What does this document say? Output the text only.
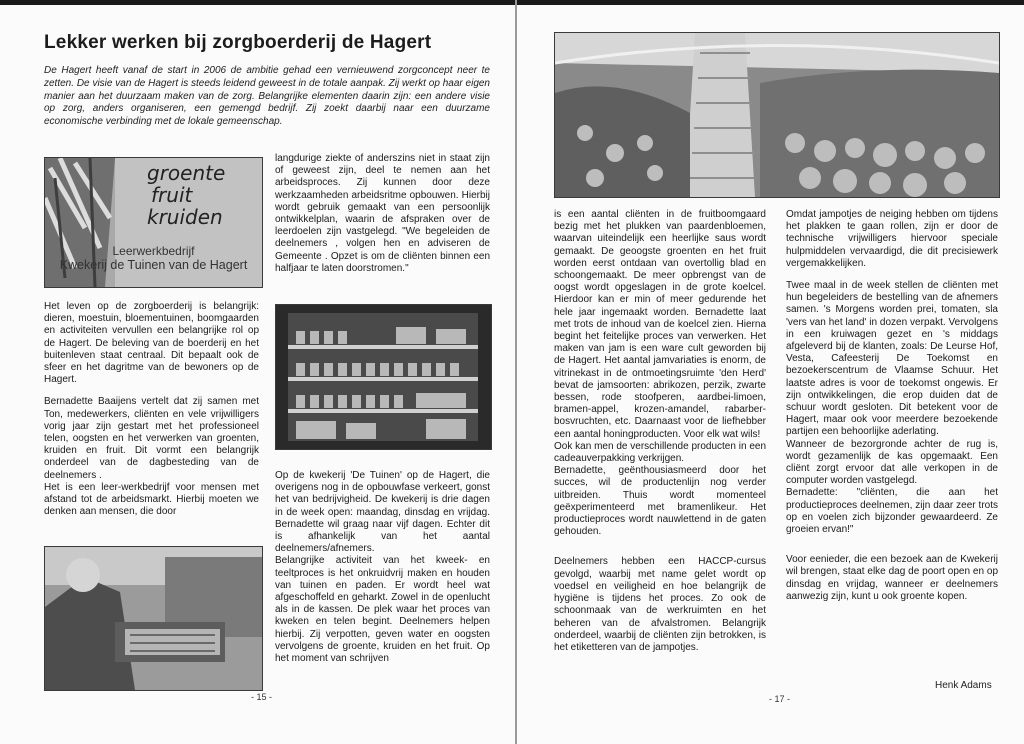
Lekker werken bij zorgboerderij de Hagert

De Hagert heeft vanaf de start in 2006 de ambitie gehad een vernieuwend zorgconcept neer te zetten. De visie van de Hagert is steeds leidend geweest in de totale aanpak. Zij werkt op haar eigen manier aan het duurzaam maken van de zorg. Belangrijke elementen daarin zijn: een andere visie op zorg, anders organiseren, een gemengd bedrijf. Zij zoekt daarbij naar een duurzame economische verbinding met de lokale gemeenschap.

groente
fruit
kruiden
Leerwerkbedrijf
Kwekerij de Tuinen van de Hagert

Het leven op de zorgboerderij is belangrijk: dieren, moestuin, bloementuinen, boomgaarden en activiteiten vervullen een belangrijke rol op de Hagert. De beleving van de boerderij en het buitenleven staat centraal. Dit bepaalt ook de sfeer en het dagritme van de bewoners op de Hagert.

Bernadette Baaijens vertelt dat zij samen met Ton, medewerkers, cliënten en vele vrijwilligers vorig jaar zijn gestart met het professioneel telen, oogsten en het verwerken van groenten, kruiden en fruit. Dit vormt een belangrijk onderdeel van de dagbesteding van de deelnemers .

Het is een leer-werkbedrijf voor mensen met afstand tot de arbeidsmarkt. Hierbij moeten we denken aan mensen, die door

langdurige ziekte of anderszins niet in staat zijn of geweest zijn, deel te nemen aan het arbeidsproces. Zij kunnen door deze werkzaamheden arbeidsritme opbouwen. Hierbij wordt gebruik gemaakt van een persoonlijk ontwikkelplan, waarin de afspraken over de leerdoelen zijn vastgelegd. "We begeleiden de deelnemers , volgen hen en adviseren de Gemeente . Opzet is om de cliënten binnen een halfjaar te laten doorstromen."

Op de kwekerij 'De Tuinen' op de Hagert, die overigens nog in de opbouwfase verkeert, gonst het van bedrijvigheid. De kwekerij is drie dagen in de week open: maandag, dinsdag en vrijdag. Bernadette wil graag naar vijf dagen. Echter dit is afhankelijk van het aantal deelnemers/afnemers.

Belangrijke activiteit van het kweek- en teeltproces is het onkruidvrij maken en houden van tuinen en paden. Er wordt heel wat afgeschoffeld en geharkt. Zowel in de openlucht als in de kassen. De plek waar het proces van kweken en telen begint. Deelnemers helpen hierbij. Zij verpotten, geven water en oogsten vervolgens de groente, kruiden en het fruit. Op het moment van schrijven

- 15 -

is een aantal cliënten in de fruitboomgaard bezig met het plukken van paardenbloemen, waarvan uiteindelijk een heerlijke saus wordt gemaakt. De geoogste groenten en het fruit worden eerst ontdaan van overtollig blad en schoongemaakt. De meer opbrengst van de oogst wordt opgeslagen in de grote koelcel. Hierdoor kan er min of meer gedurende het hele jaar ingemaakt worden. Bernadette laat met trots de inhoud van de koelcel zien. Hierna begint het feitelijke proces van verwerken. Het maken van jam is een ware cult geworden bij de Hagert. Het aantal jamvariaties is enorm, de vitrinekast in de ontmoetingsruimte 'den Herd' bevat de jamsoorten: abrikozen, perzik, zwarte bessen, rode stoofperen, aardbei-limoen, bramen-appel, krozen-amandel, rabarber-bosvruchten, etc. Daarnaast voor de liefhebber een aantal honingproducten. Voor elk wat wils!

Ook kan men de verschillende producten in een cadeauverpakking verkrijgen.

Bernadette, geënthousiasmeerd door het succes, wil de productenlijn nog verder uitbreiden. Thuis wordt momenteel geëxperimenteerd met bramenlikeur. Het productieproces wordt nauwlettend in de gaten gehouden.

Deelnemers hebben een HACCP-cursus gevolgd, waarbij met name gelet wordt op voedsel en veiligheid en hoe belangrijk de hygiëne is tijdens het proces. Zo ook de schoonmaak van de werkruimten en het beheren van de afvalstromen. Belangrijk onderdeel, waarbij de cliënten zijn betrokken, is het etiketteren van de jampotjes.

Omdat jampotjes de neiging hebben om tijdens het plakken te gaan rollen, zijn er door de technische vrijwilligers hiervoor speciale hulpmiddelen vervaardigd, die dit precisiewerk vergemakkelijken.

Twee maal in de week stellen de cliënten met hun begeleiders de bestelling van de afnemers samen. 's Morgens worden prei, tomaten, sla 'vers van het land' in dozen verpakt. Vervolgens in een kruiwagen gezet en 's middags afgeleverd bij de klanten, zoals: De Leurse Hof, Vesta, Cafeesterij De Toekomst en bezoekerscentrum de Vlaamse Schuur. Het laatste adres is voor de toekomst ongewis. Er zijn ontwikkelingen, die erop duiden dat de schuur wordt gesloten. Dit betekent voor de Hagert, maar ook voor meerdere bezoekende partijen een behoorlijke aderlating.

Wanneer de bezorgronde achter de rug is, wordt gezamenlijk de kas opgemaakt. Een cliënt zorgt ervoor dat alle verkopen in de computer worden vastgelegd.

Bernadette: "cliënten, die aan het productieproces deelnemen, zijn daar zeer trots op en voelen zich bijzonder gewaardeerd. Ze groeien ervan!"

Voor eenieder, die een bezoek aan de Kwekerij wil brengen, staat elke dag de poort open en op dinsdag en vrijdag, wanneer er deelnemers aanwezig zijn, kunt u ook groente kopen.

Henk Adams
- 17 -
